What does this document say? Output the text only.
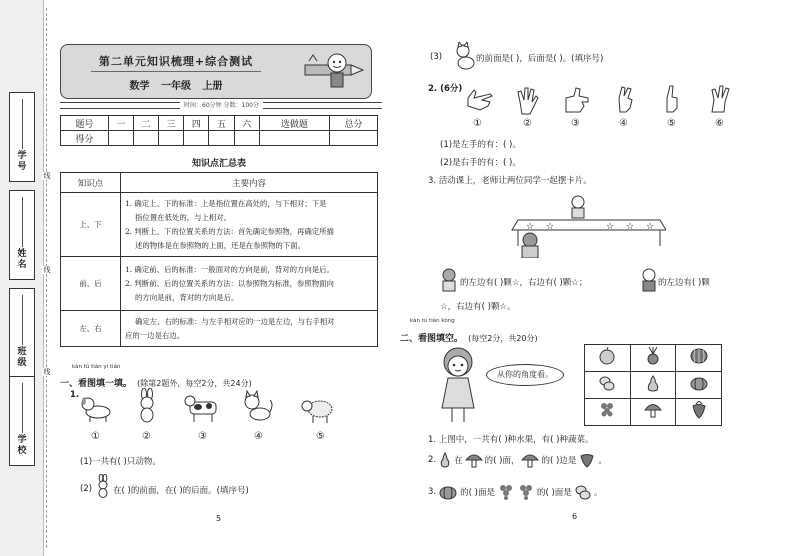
学号
姓名
班级
学校
线
线
线
第二单元知识梳理+综合测试
数学 一年级 上册
时间：60分钟 分数：100分
题号	一	二	三	四	五	六	选做题	总分
得分								
知识点汇总表
知识点	主要内容
上、下	1. 确定上、下的标准：上是指位置在高处的，与下相对；下是
指位置在低处的，与上相对。
2. 判断上、下的位置关系的方法：首先确定参照物，再确定所描
述的物体是在参照物的上面，还是在参照物的下面。

前、后	1. 确定前、后的标准：一般面对的方向是前，背对的方向是后。
2. 判断前、后的位置关系的方法：以参照物为标准，参照物面向
的方向是前，背对的方向是后。

左、右	确定左、右的标准：与左手相对应的一边是左边，与右手相对
应的一边是右边。
kàn tú tián yi tián
一、看图填一填。 (除第2题外，每空2分，共24分)
1.
①	②	③	④	⑤
(1)一共有( )只动物。
(2) 在( )的前面，在( )的后面。(填序号)
5
(3)	的前面是( )，后面是( )。(填序号)
2. (6分)
①	②	③	④	⑤	⑥
(1)是左手的有：( )。
(2)是右手的有：( )。
3. 活动课上，老师让两位同学一起摆卡片。
☆ ☆	☆ ☆ ☆
的左边有( )颗☆，右边有( )颗☆；	的左边有( )颗
☆，右边有( )颗☆。
kàn tú tián kòng
二、看图填空。 (每空2分，共20分)
从你的角度看。

1. 上图中，一共有( )种水果，有( )种蔬菜。
2. 在	的( )面，	的( )边是	。
3.	的( )面是	的( )面是	。
6
